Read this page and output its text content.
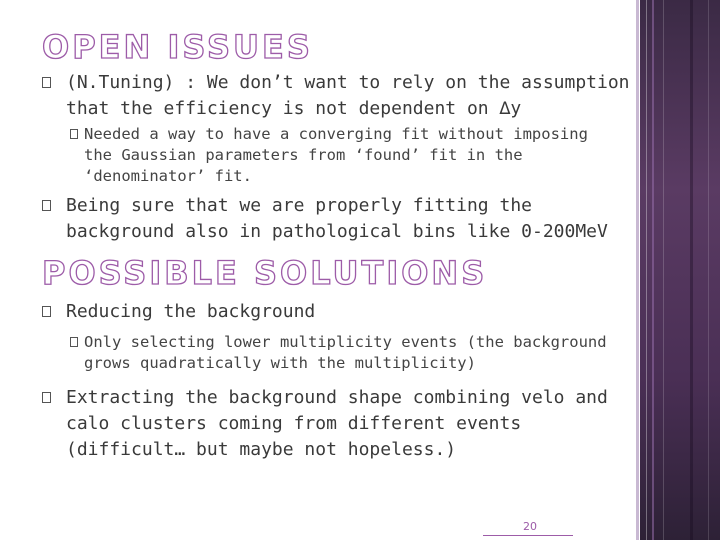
OPEN ISSUES
(N.Tuning) : We don’t want to rely on the assumption
that the efficiency is not dependent on ∆y
Needed a way to have a converging fit without imposing
the Gaussian parameters from ‘found’ fit in the
‘denominator’ fit.
Being sure that we are properly fitting the
background also in pathological bins like 0-200MeV
POSSIBLE SOLUTIONS
Reducing the background
Only selecting lower multiplicity events (the background
grows quadratically with the multiplicity)
Extracting the background shape combining velo and
calo clusters coming from different events
(difficult… but maybe not hopeless.)
20
